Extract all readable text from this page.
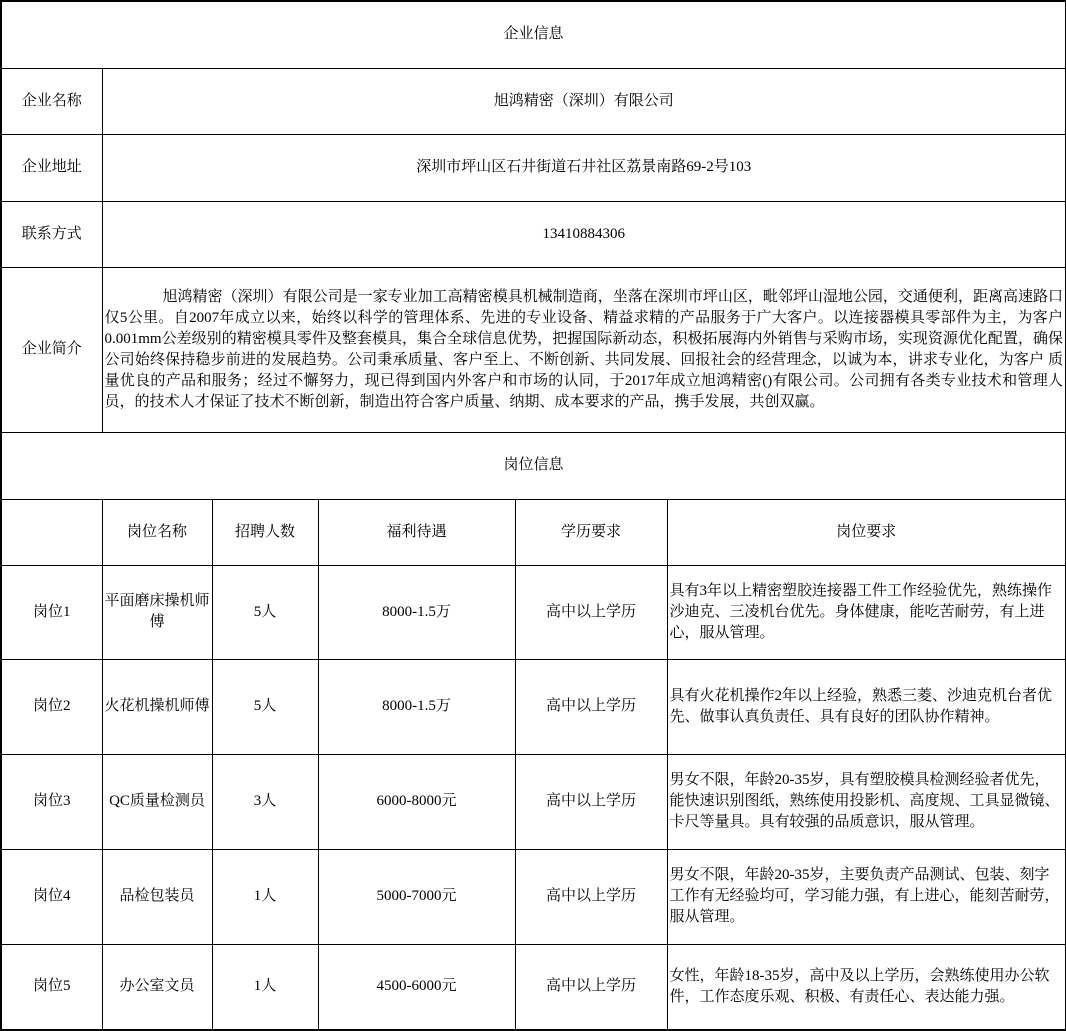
企业信息					
企业名称	旭鸿精密（深圳）有限公司				
企业地址	深圳市坪山区石井街道石井社区荔景南路69-2号103				
联系方式	13410884306				
企业简介	旭鸿精密（深圳）有限公司是一家专业加工高精密模具机械制造商，坐落在深圳市坪山区，毗邻坪山湿地公园，交通便利，距离高速路口仅5公里。自2007年成立以来，始终以科学的管理体系、先进的专业设备、精益求精的产品服务于广大客户。以连接器模具零部件为主，为客户 0.001mm公差级别的精密模具零件及整套模具，集合全球信息优势，把握国际新动态，积极拓展海内外销售与采购市场，实现资源优化配置，确保公司始终保持稳步前进的发展趋势。公司秉承质量、客户至上、不断创新、共同发展、回报社会的经营理念，以诚为本，讲求专业化，为客户 质量优良的产品和服务；经过不懈努力，现已得到国内外客户和市场的认同，于2017年成立旭鸿精密()有限公司。公司拥有各类专业技术和管理人员，的技术人才保证了技术不断创新，制造出符合客户质量、纳期、成本要求的产品，携手发展，共创双赢。				

岗位信息					
	岗位名称	招聘人数	福利待遇	学历要求	岗位要求
岗位1	平面磨床操机师傅	5人	8000-1.5万	高中以上学历	具有3年以上精密塑胶连接器工件工作经验优先，熟练操作沙迪克、三凌机台优先。身体健康，能吃苦耐劳，有上进心，服从管理。
岗位2	火花机操机师傅	5人	8000-1.5万	高中以上学历	具有火花机操作2年以上经验，熟悉三菱、沙迪克机台者优先、做事认真负责任、具有良好的团队协作精神。
岗位3	QC质量检测员	3人	6000-8000元	高中以上学历	男女不限，年龄20-35岁，具有塑胶模具检测经验者优先，能快速识别图纸，熟练使用投影机、高度规、工具显微镜、卡尺等量具。具有较强的品质意识，服从管理。
岗位4	品检包装员	1人	5000-7000元	高中以上学历	男女不限，年龄20-35岁，主要负责产品测试、包装、刻字工作有无经验均可，学习能力强，有上进心，能刻苦耐劳，服从管理。
岗位5	办公室文员	1人	4500-6000元	高中以上学历	女性，年龄18-35岁，高中及以上学历，会熟练使用办公软件，工作态度乐观、积极、有责任心、表达能力强。
